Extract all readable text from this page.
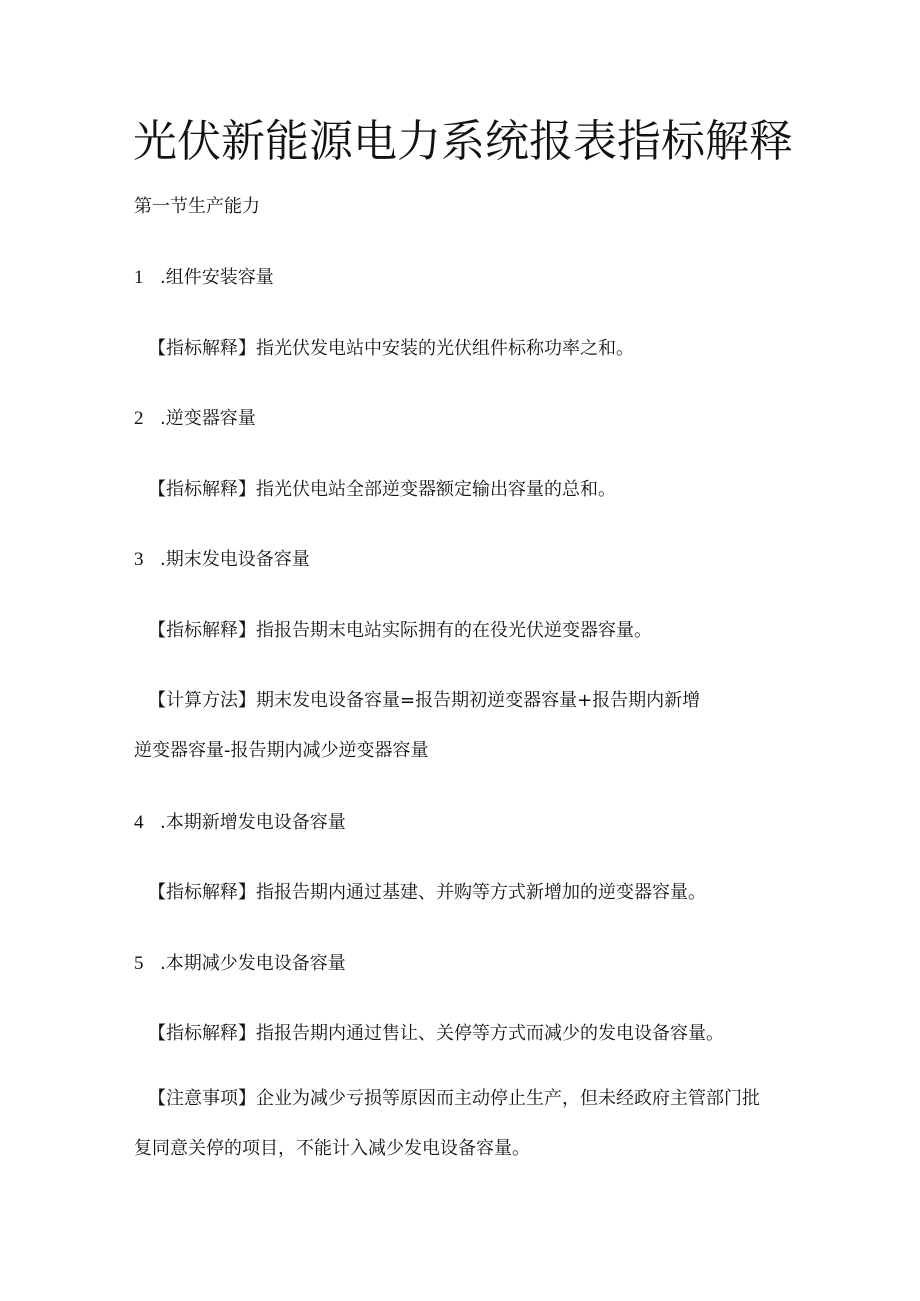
光伏新能源电力系统报表指标解释
第一节生产能力
1 .组件安装容量
【指标解释】指光伏发电站中安装的光伏组件标称功率之和。
2 .逆变器容量
【指标解释】指光伏电站全部逆变器额定输出容量的总和。
3 .期末发电设备容量
【指标解释】指报告期末电站实际拥有的在役光伏逆变器容量。
【计算方法】期末发电设备容量=报告期初逆变器容量+报告期内新增
逆变器容量-报告期内减少逆变器容量
4 .本期新增发电设备容量
【指标解释】指报告期内通过基建、并购等方式新增加的逆变器容量。
5 .本期减少发电设备容量
【指标解释】指报告期内通过售让、关停等方式而减少的发电设备容量。
【注意事项】企业为减少亏损等原因而主动停止生产，但未经政府主管部门批
复同意关停的项目，不能计入减少发电设备容量。
